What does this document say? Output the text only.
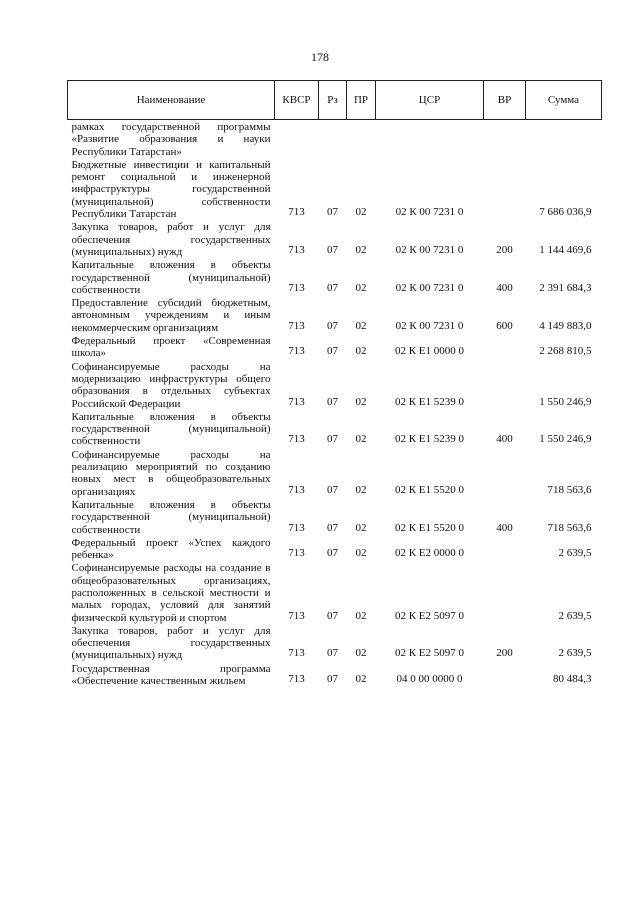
178
Наименование	КВСР	Рз	ПР	ЦСР	ВР	Сумма

рамках государственной программы «Развитие образования и науки Республики Татарстан»						

Бюджетные инвестиции и капитальный ремонт социальной и инженерной инфраструктуры государственной (муниципальной) собственности Республики Татарстан	713	07	02	02 К 00 7231 0		7 686 036,9

Закупка товаров, работ и услуг для обеспечения государственных (муниципальных) нужд	713	07	02	02 К 00 7231 0	200	1 144 469,6

Капитальные вложения в объекты государственной (муниципальной) собственности	713	07	02	02 К 00 7231 0	400	2 391 684,3

Предоставление субсидий бюджетным, автономным учреждениям и иным некоммерческим организациям	713	07	02	02 К 00 7231 0	600	4 149 883,0

Федеральный проект «Современная школа»	713	07	02	02 К Е1 0000 0		2 268 810,5

Софинансируемые расходы на модернизацию инфраструктуры общего образования в отдельных субъектах Российской Федерации	713	07	02	02 К Е1 5239 0		1 550 246,9

Капитальные вложения в объекты государственной (муниципальной) собственности	713	07	02	02 К Е1 5239 0	400	1 550 246,9

Софинансируемые расходы на реализацию мероприятий по созданию новых мест в общеобразовательных организациях	713	07	02	02 К Е1 5520 0		718 563,6

Капитальные вложения в объекты государственной (муниципальной) собственности	713	07	02	02 К Е1 5520 0	400	718 563,6

Федеральный проект «Успех каждого ребенка»	713	07	02	02 К Е2 0000 0		2 639,5

Софинансируемые расходы на создание в общеобразовательных организациях, расположенных в сельской местности и малых городах, условий для занятий физической культурой и спортом	713	07	02	02 К Е2 5097 0		2 639,5

Закупка товаров, работ и услуг для обеспечения государственных (муниципальных) нужд	713	07	02	02 К Е2 5097 0	200	2 639,5

Государственная программа «Обеспечение качественным жильем	713	07	02	04 0 00 0000 0		80 484,3
